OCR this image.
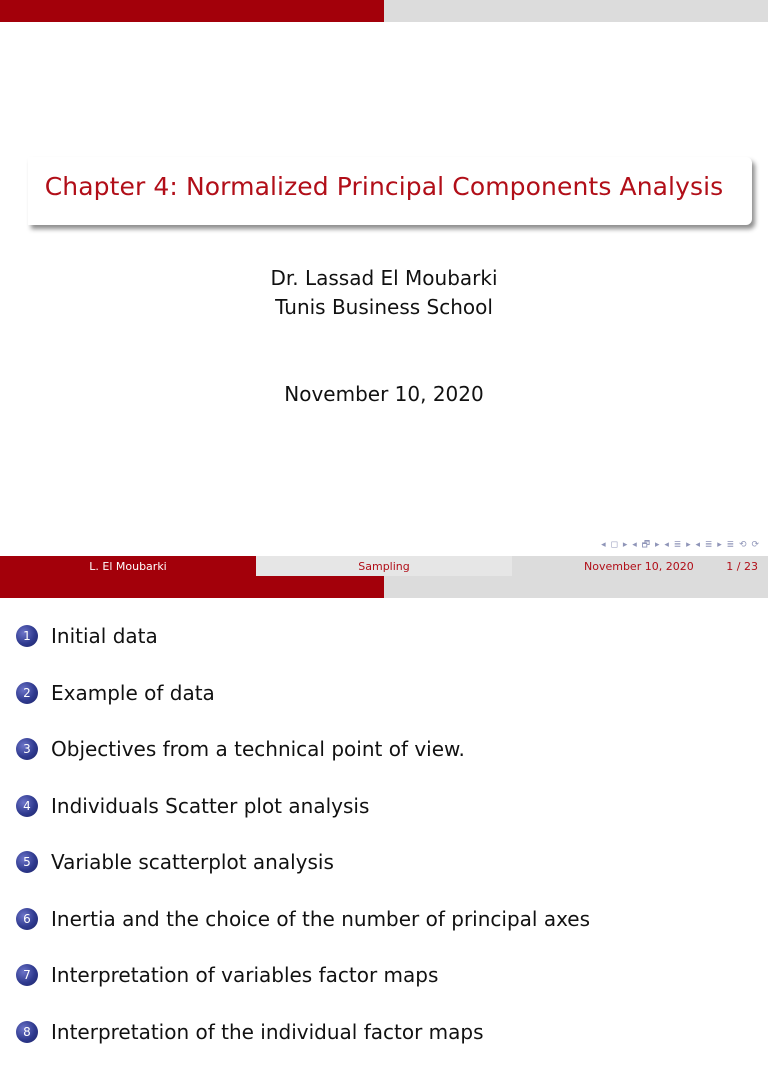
Chapter 4: Normalized Principal Components Analysis
Dr. Lassad El Moubarki
Tunis Business School
November 10, 2020
◂ ◻ ▸ ◂ 🗗 ▸ ◂ ≣ ▸ ◂ ≣ ▸ ≣ ⟲ ⟳
L. El Moubarki	Sampling	November 10, 2020	1 / 23
1	Initial data
2	Example of data
3	Objectives from a technical point of view.
4	Individuals Scatter plot analysis
5	Variable scatterplot analysis
6	Inertia and the choice of the number of principal axes
7	Interpretation of variables factor maps
8	Interpretation of the individual factor maps
